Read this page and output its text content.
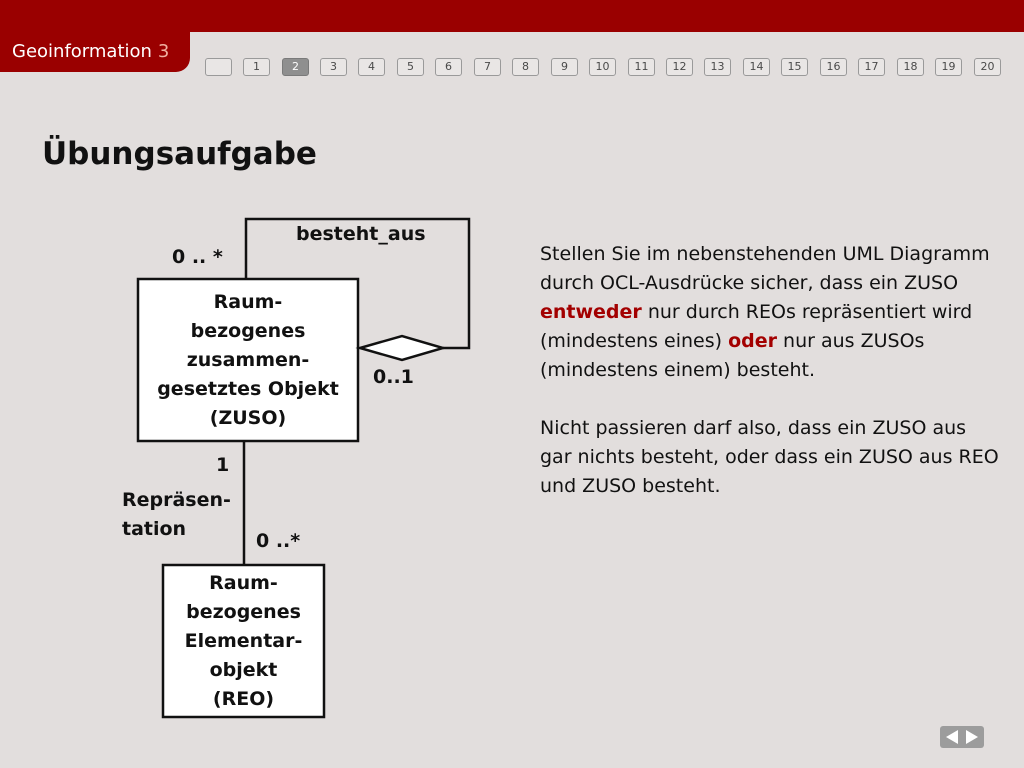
Geoinformation 3
1	2	3	4	5	6	7	8	9	10	11	12	13	14	15	16	17	18	19	20
Übungsaufgabe
Raum-
bezogenes
zusammen-
gesetztes Objekt
(ZUSO)
Raum-
bezogenes
Elementar-
objekt
(REO)
besteht_aus
0 .. *
0..1
1
Repräsen-
tation
0 ..*
Stellen Sie im nebenstehenden UML Diagramm durch OCL-Ausdrücke sicher, dass ein ZUSO entweder nur durch REOs repräsentiert wird (mindestens eines) oder nur aus ZUSOs (mindestens einem) besteht.
Nicht passieren darf also, dass ein ZUSO aus gar nichts besteht, oder dass ein ZUSO aus REO und ZUSO besteht.
